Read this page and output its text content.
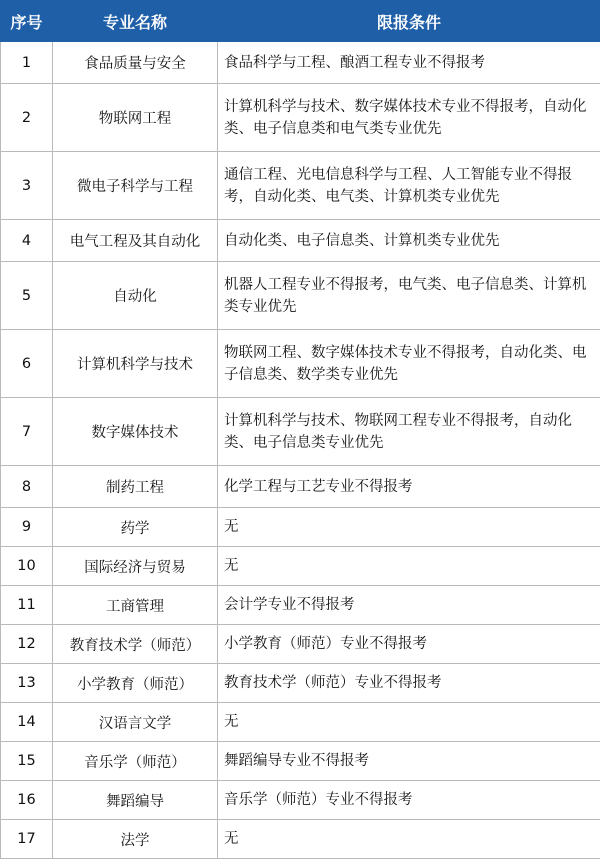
序号	专业名称	限报条件
1	食品质量与安全	食品科学与工程、酿酒工程专业不得报考
2	物联网工程	计算机科学与技术、数字媒体技术专业不得报考，自动化类、电子信息类和电气类专业优先
3	微电子科学与工程	通信工程、光电信息科学与工程、人工智能专业不得报考，自动化类、电气类、计算机类专业优先
4	电气工程及其自动化	自动化类、电子信息类、计算机类专业优先
5	自动化	机器人工程专业不得报考，电气类、电子信息类、计算机类专业优先
6	计算机科学与技术	物联网工程、数字媒体技术专业不得报考，自动化类、电子信息类、数学类专业优先
7	数字媒体技术	计算机科学与技术、物联网工程专业不得报考，自动化类、电子信息类专业优先
8	制药工程	化学工程与工艺专业不得报考
9	药学	无
10	国际经济与贸易	无
11	工商管理	会计学专业不得报考
12	教育技术学（师范）	小学教育（师范）专业不得报考
13	小学教育（师范）	教育技术学（师范）专业不得报考
14	汉语言文学	无
15	音乐学（师范）	舞蹈编导专业不得报考
16	舞蹈编导	音乐学（师范）专业不得报考
17	法学	无
